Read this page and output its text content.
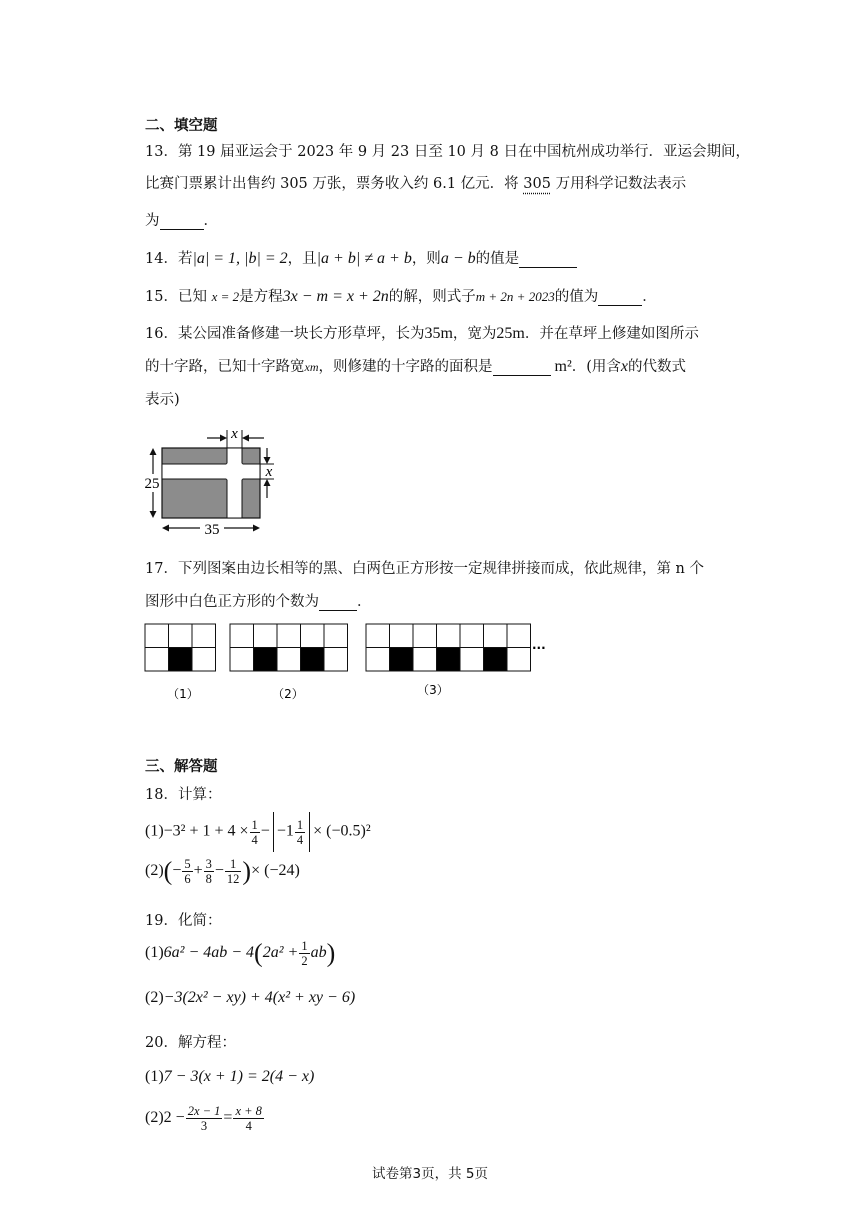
二、填空题
13．第 19 届亚运会于 2023 年 9 月 23 日至 10 月 8 日在中国杭州成功举行．亚运会期间，
比赛门票累计出售约 305 万张，票务收入约 6.1 亿元．将 305 万用科学记数法表示
为	．
14．若|a| = 1, |b| = 2，且|a + b| ≠ a + b，则a − b的值是
15．已知 x = 2是方程3x − m = x + 2n的解，则式子m + 2n + 2023的值为	．
16．某公园准备修建一块长方形草坪，长为35m，宽为25m．并在草坪上修建如图所示
的十字路，已知十字路宽xm，则修建的十字路的面积是	m²．(用含x的代数式
表示)
x
x
25
35
17．下列图案由边长相等的黑、白两色正方形按一定规律拼接而成，依此规律，第 n 个
图形中白色正方形的个数为	．
···
（1）	（2）	（3）
三、解答题
18．计算：
$(1)-3^2 + 1 + 4 \times \frac{1}{4} - -1 \frac{1}{4} \times (-0.5)^2$
$(2)(- \frac{5}{6} + \frac{3}{8} - \frac{1}{12}$ )× (−24)
19．化简：
$(1)6a^2 - 4ab - 4(2a^2 + \frac{1}{2} ab)$
(2)−3(2x² − xy) + 4(x² + xy − 6)
20．解方程：
(1)7 − 3(x + 1) = 2(4 − x)
$(2)2 - \frac{2x - 1}{3} = \frac{x + 8}{4}$
试卷第3页，共 5页
